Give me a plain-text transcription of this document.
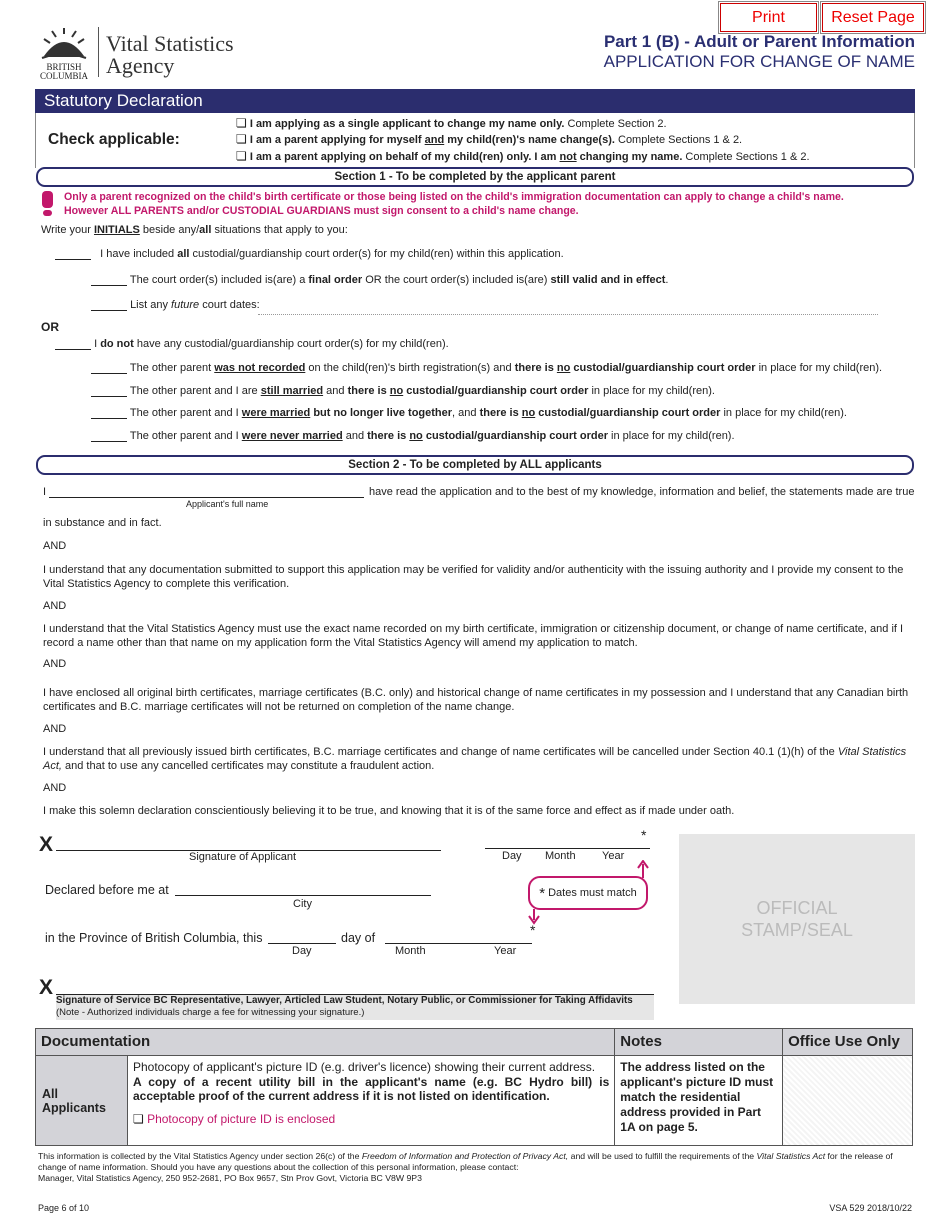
Print	Reset Page
BRITISH
COLUMBIA
Vital Statistics
Agency
Part 1 (B) - Adult or Parent Information
APPLICATION FOR CHANGE OF NAME
Statutory Declaration
Check applicable:
❏ I am applying as a single applicant to change my name only. Complete Section 2.
❏ I am a parent applying for myself and my child(ren)'s name change(s). Complete Sections 1 & 2.
❏ I am a parent applying on behalf of my child(ren) only. I am not changing my name. Complete Sections 1 & 2.
Section 1 - To be completed by the applicant parent
Only a parent recognized on the child's birth certificate or those being listed on the child's immigration documentation can apply to change a child's name.
However ALL PARENTS and/or CUSTODIAL GUARDIANS must sign consent to a child's name change.
Write your INITIALS beside any/all situations that apply to you:
I have included all custodial/guardianship court order(s) for my child(ren) within this application.
The court order(s) included is(are) a final order OR the court order(s) included is(are) still valid and in effect.
List any future court dates:
OR
I do not have any custodial/guardianship court order(s) for my child(ren).
The other parent was not recorded on the child(ren)'s birth registration(s) and there is no custodial/guardianship court order in place for my child(ren).
The other parent and I are still married and there is no custodial/guardianship court order in place for my child(ren).
The other parent and I were married but no longer live together, and there is no custodial/guardianship court order in place for my child(ren).
The other parent and I were never married and there is no custodial/guardianship court order in place for my child(ren).
Section 2 - To be completed by ALL applicants
I
Applicant's full name
have read the application and to the best of my knowledge, information and belief, the statements made are true
in substance and in fact.
AND
I understand that any documentation submitted to support this application may be verified for validity and/or authenticity with the issuing authority and I provide my consent to the Vital Statistics Agency to complete this verification.
AND
I understand that the Vital Statistics Agency must use the exact name recorded on my birth certificate, immigration or citizenship document, or change of name certificate, and if I record a name other than that name on my application form the Vital Statistics Agency will amend my application to match.
AND
I have enclosed all original birth certificates, marriage certificates (B.C. only) and historical change of name certificates in my possession and I understand that any Canadian birth certificates and B.C. marriage certificates will not be returned on completion of the name change.
AND
I understand that all previously issued birth certificates, B.C. marriage certificates and change of name certificates will be cancelled under Section 40.1 (1)(h) of the Vital Statistics Act, and that to use any cancelled certificates may constitute a fraudulent action.
AND
I make this solemn declaration conscientiously believing it to be true, and knowing that it is of the same force and effect as if made under oath.
X
Signature of Applicant	Day Month Year
*
* Dates must match
*
Declared before me at
City
in the Province of British Columbia, this	day of
Day	Month	Year
OFFICIAL
STAMP/SEAL
X
Signature of Service BC Representative, Lawyer, Articled Law Student, Notary Public, or Commissioner for Taking Affidavits
(Note - Authorized individuals charge a fee for witnessing your signature.)
Documentation		Notes	Office Use Only
All Applicants	Photocopy of applicant's picture ID (e.g. driver's licence) showing their current address.
A copy of a recent utility bill in the applicant's name (e.g. BC Hydro bill) is acceptable proof of the current address if it is not listed on identification.
❏ Photocopy of picture ID is enclosed	The address listed on the applicant's picture ID must match the residential address provided in Part 1A on page 5.	
This information is collected by the Vital Statistics Agency under section 26(c) of the Freedom of Information and Protection of Privacy Act, and will be used to fulfill the requirements of the Vital Statistics Act for the release of change of name information. Should you have any questions about the collection of this personal information, please contact:
Manager, Vital Statistics Agency, 250 952-2681, PO Box 9657, Stn Prov Govt, Victoria BC V8W 9P3
Page 6 of 10	VSA 529 2018/10/22
